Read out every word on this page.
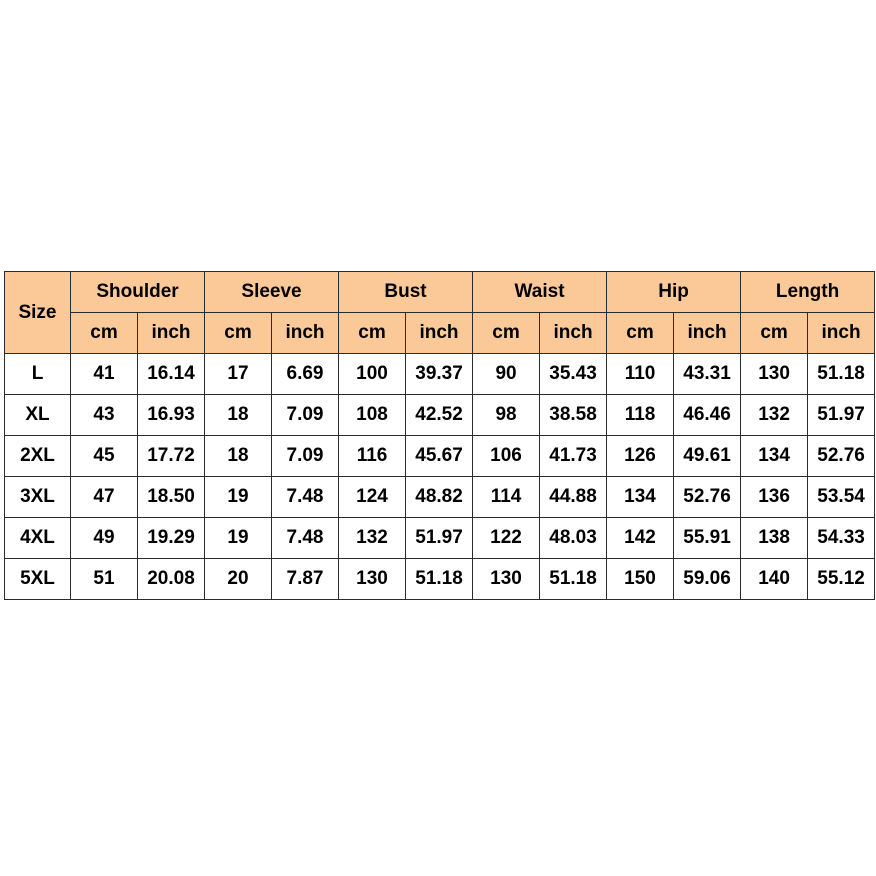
Size	Shoulder		Sleeve		Bust		Waist		Hip		Length	
	cm	inch	cm	inch	cm	inch	cm	inch	cm	inch	cm	inch
L	41	16.14	17	6.69	100	39.37	90	35.43	110	43.31	130	51.18
XL	43	16.93	18	7.09	108	42.52	98	38.58	118	46.46	132	51.97
2XL	45	17.72	18	7.09	116	45.67	106	41.73	126	49.61	134	52.76
3XL	47	18.50	19	7.48	124	48.82	114	44.88	134	52.76	136	53.54
4XL	49	19.29	19	7.48	132	51.97	122	48.03	142	55.91	138	54.33
5XL	51	20.08	20	7.87	130	51.18	130	51.18	150	59.06	140	55.12
